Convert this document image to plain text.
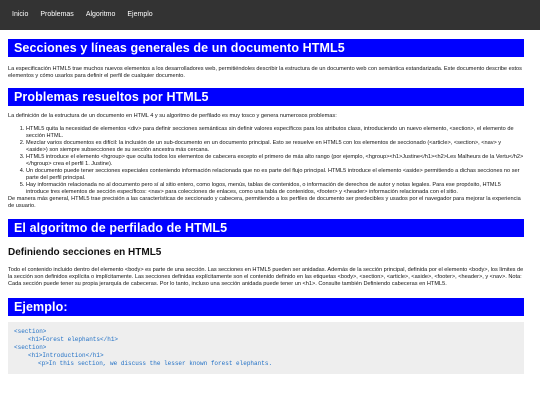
Inicio	Problemas	Algoritmo	Ejemplo
Secciones y líneas generales de un documento HTML5

La especificación HTML5 trae muchos nuevos elementos a los desarrolladores web, permitiéndoles describir la estructura de un documento web con semántica estandarizada. Este documento describe estos elementos y cómo usarlos para definir el perfil de cualquier documento.

Problemas resueltos por HTML5

La definición de la estructura de un documento en HTML 4 y su algoritmo de perfilado es muy tosco y genera numerosos problemas:

1. HTML5 quita la necesidad de elementos <div> para definir secciones semánticas sin definir valores específicos para los atributos class, introduciendo un nuevo elemento, <section>, el elemento de sección HTML.
2. Mezclar varios documentos es difícil: la inclusión de un sub-documento en un documento principal. Esto se resuelve en HTML5 con los elementos de seccionado (<article>, <section>, <nav> y <aside>) son siempre subsecciones de su sección ancestra más cercana.
3. HTML5 introduce el elemento <hgroup> que oculta todos los elementos de cabecera excepto el primero de más alto rango (por ejemplo, <hgroup><h1>Justine</h1><h2>Les Malheurs de la Vertu</h2></hgroup> crea el perfil 1. Justine).
4. Un documento puede tener secciones especiales conteniendo información relacionada que no es parte del flujo principal. HTML5 introduce el elemento <aside> permitiendo a dichas secciones no ser parte del perfil principal.
5. Hay información relacionada no al documento pero sí al sitio entero, como logos, menús, tablas de contenidos, o información de derechos de autor y notas legales. Para ese propósito, HTML5 introduce tres elementos de sección específicos: <nav> para colecciones de enlaces, como una tabla de contenidos, <footer> y <header> información relacionada con el sitio.

De manera más general, HTML5 trae precisión a las características de seccionado y cabecera, permitiendo a los perfiles de documento ser predecibles y usados por el navegador para mejorar la experiencia de usuario.

El algoritmo de perfilado de HTML5
Definiendo secciones en HTML5

Todo el contenido incluido dentro del elemento <body> es parte de una sección. Las secciones en HTML5 pueden ser anidadas. Además de la sección principal, definida por el elemento <body>, los límites de la sección son definidos explícita o implícitamente. Las secciones definidas explícitamente son el contenido definido en las etiquetas <body>, <section>, <article>, <aside>, <footer>, <header>, y <nav>. Nota: Cada sección puede tener su propia jerarquía de cabeceras. Por lo tanto, incluso una sección anidada puede tener un <h1>. Consulte también Definiendo cabeceras en HTML5.

Ejemplo:
<section>
<h1>Forest elephants</h1>
<section>
<h1>Introduction</h1>
<p>In this section, we discuss the lesser known forest elephants.
